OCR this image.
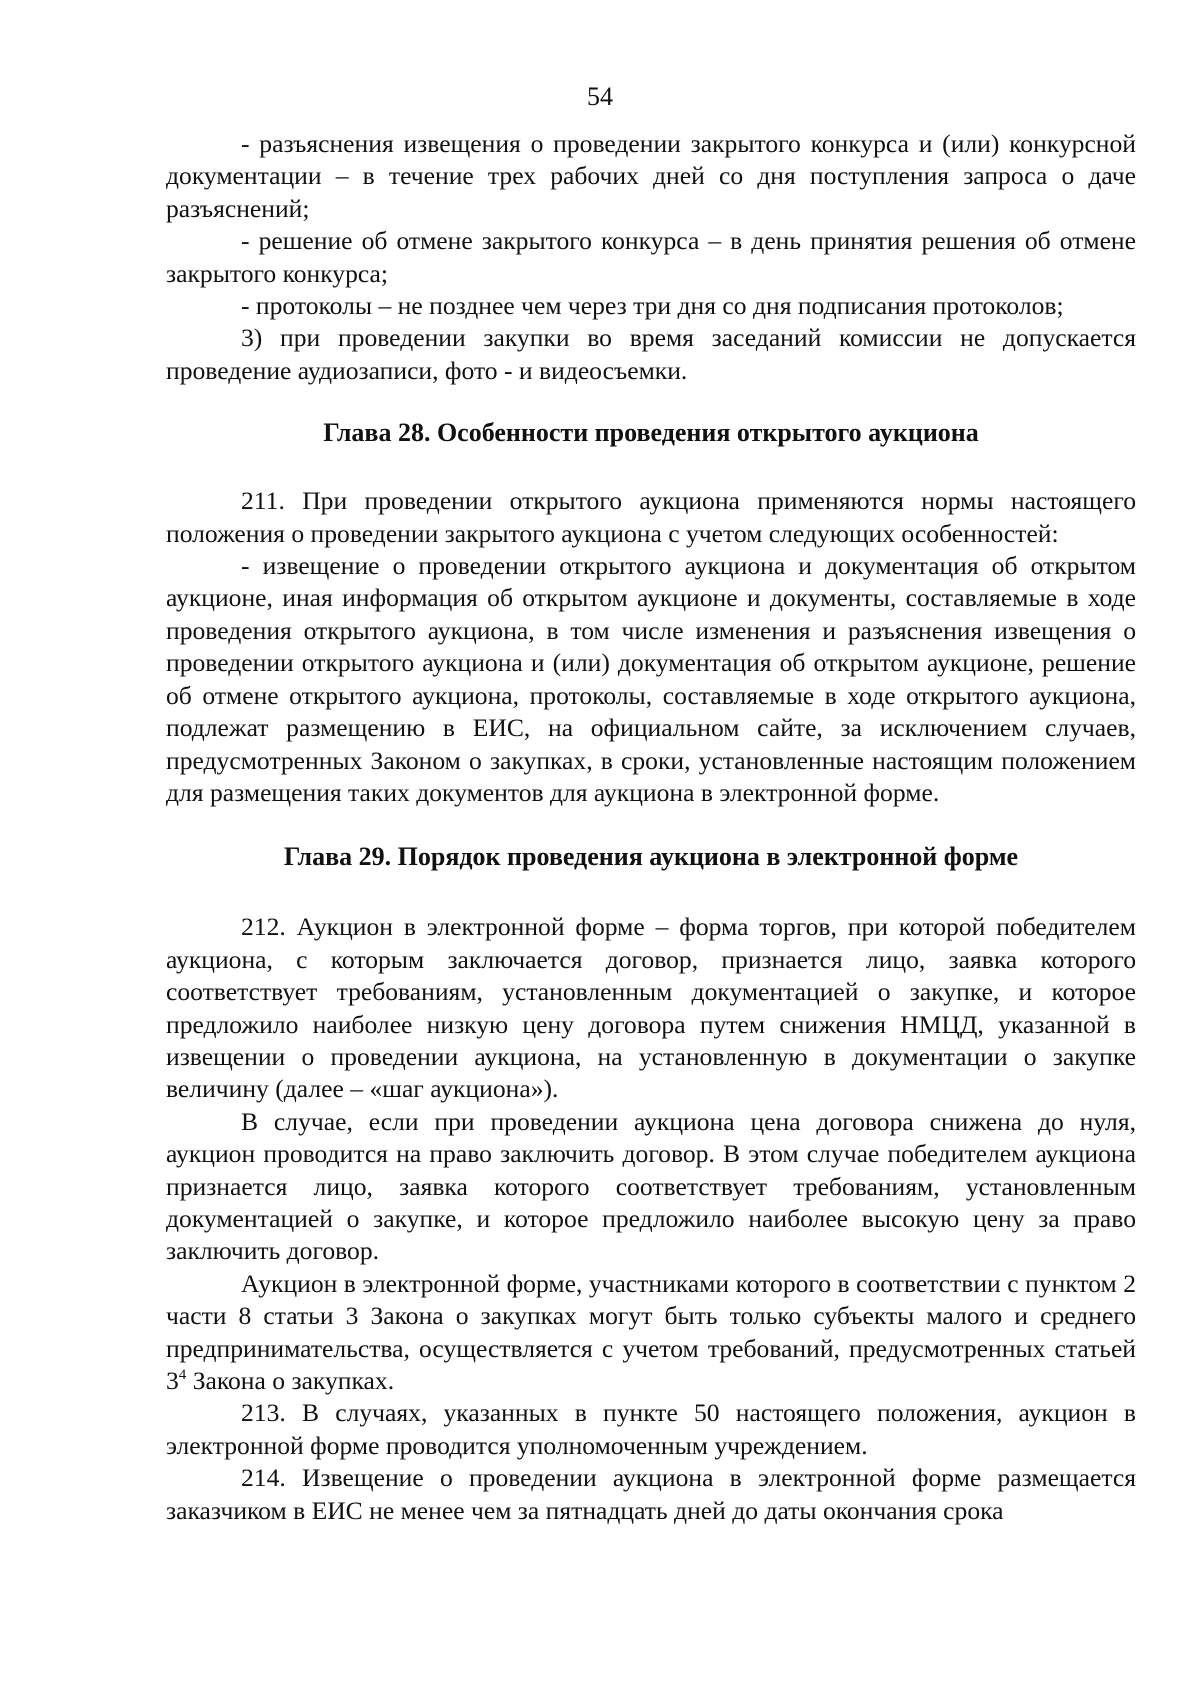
54

- разъяснения извещения о проведении закрытого конкурса и (или) конкурсной документации – в течение трех рабочих дней со дня поступления запроса о даче разъяснений;

- решение об отмене закрытого конкурса – в день принятия решения об отмене закрытого конкурса;

- протоколы – не позднее чем через три дня со дня подписания протоколов;

3) при проведении закупки во время заседаний комиссии не допускается проведение аудиозаписи, фото - и видеосъемки.

Глава 28. Особенности проведения открытого аукциона

211. При проведении открытого аукциона применяются нормы настоящего положения о проведении закрытого аукциона с учетом следующих особенностей:

- извещение о проведении открытого аукциона и документация об открытом аукционе, иная информация об открытом аукционе и документы, составляемые в ходе проведения открытого аукциона, в том числе изменения и разъяснения извещения о проведении открытого аукциона и (или) документация об открытом аукционе, решение об отмене открытого аукциона, протоколы, составляемые в ходе открытого аукциона, подлежат размещению в ЕИС, на официальном сайте, за исключением случаев, предусмотренных Законом о закупках, в сроки, установленные настоящим положением для размещения таких документов для аукциона в электронной форме.

Глава 29. Порядок проведения аукциона в электронной форме

212. Аукцион в электронной форме – форма торгов, при которой победителем аукциона, с которым заключается договор, признается лицо, заявка которого соответствует требованиям, установленным документацией о закупке, и которое предложило наиболее низкую цену договора путем снижения НМЦД, указанной в извещении о проведении аукциона, на установленную в документации о закупке величину (далее – «шаг аукциона»).

В случае, если при проведении аукциона цена договора снижена до нуля, аукцион проводится на право заключить договор. В этом случае победителем аукциона признается лицо, заявка которого соответствует требованиям, установленным документацией о закупке, и которое предложило наиболее высокую цену за право заключить договор.

Аукцион в электронной форме, участниками которого в соответствии с пунктом 2 части 8 статьи 3 Закона о закупках могут быть только субъекты малого и среднего предпринимательства, осуществляется с учетом требований, предусмотренных статьей $3^4$ Закона о закупках.

213. В случаях, указанных в пункте 50 настоящего положения, аукцион в электронной форме проводится уполномоченным учреждением.

214. Извещение о проведении аукциона в электронной форме размещается заказчиком в ЕИС не менее чем за пятнадцать дней до даты окончания срока
